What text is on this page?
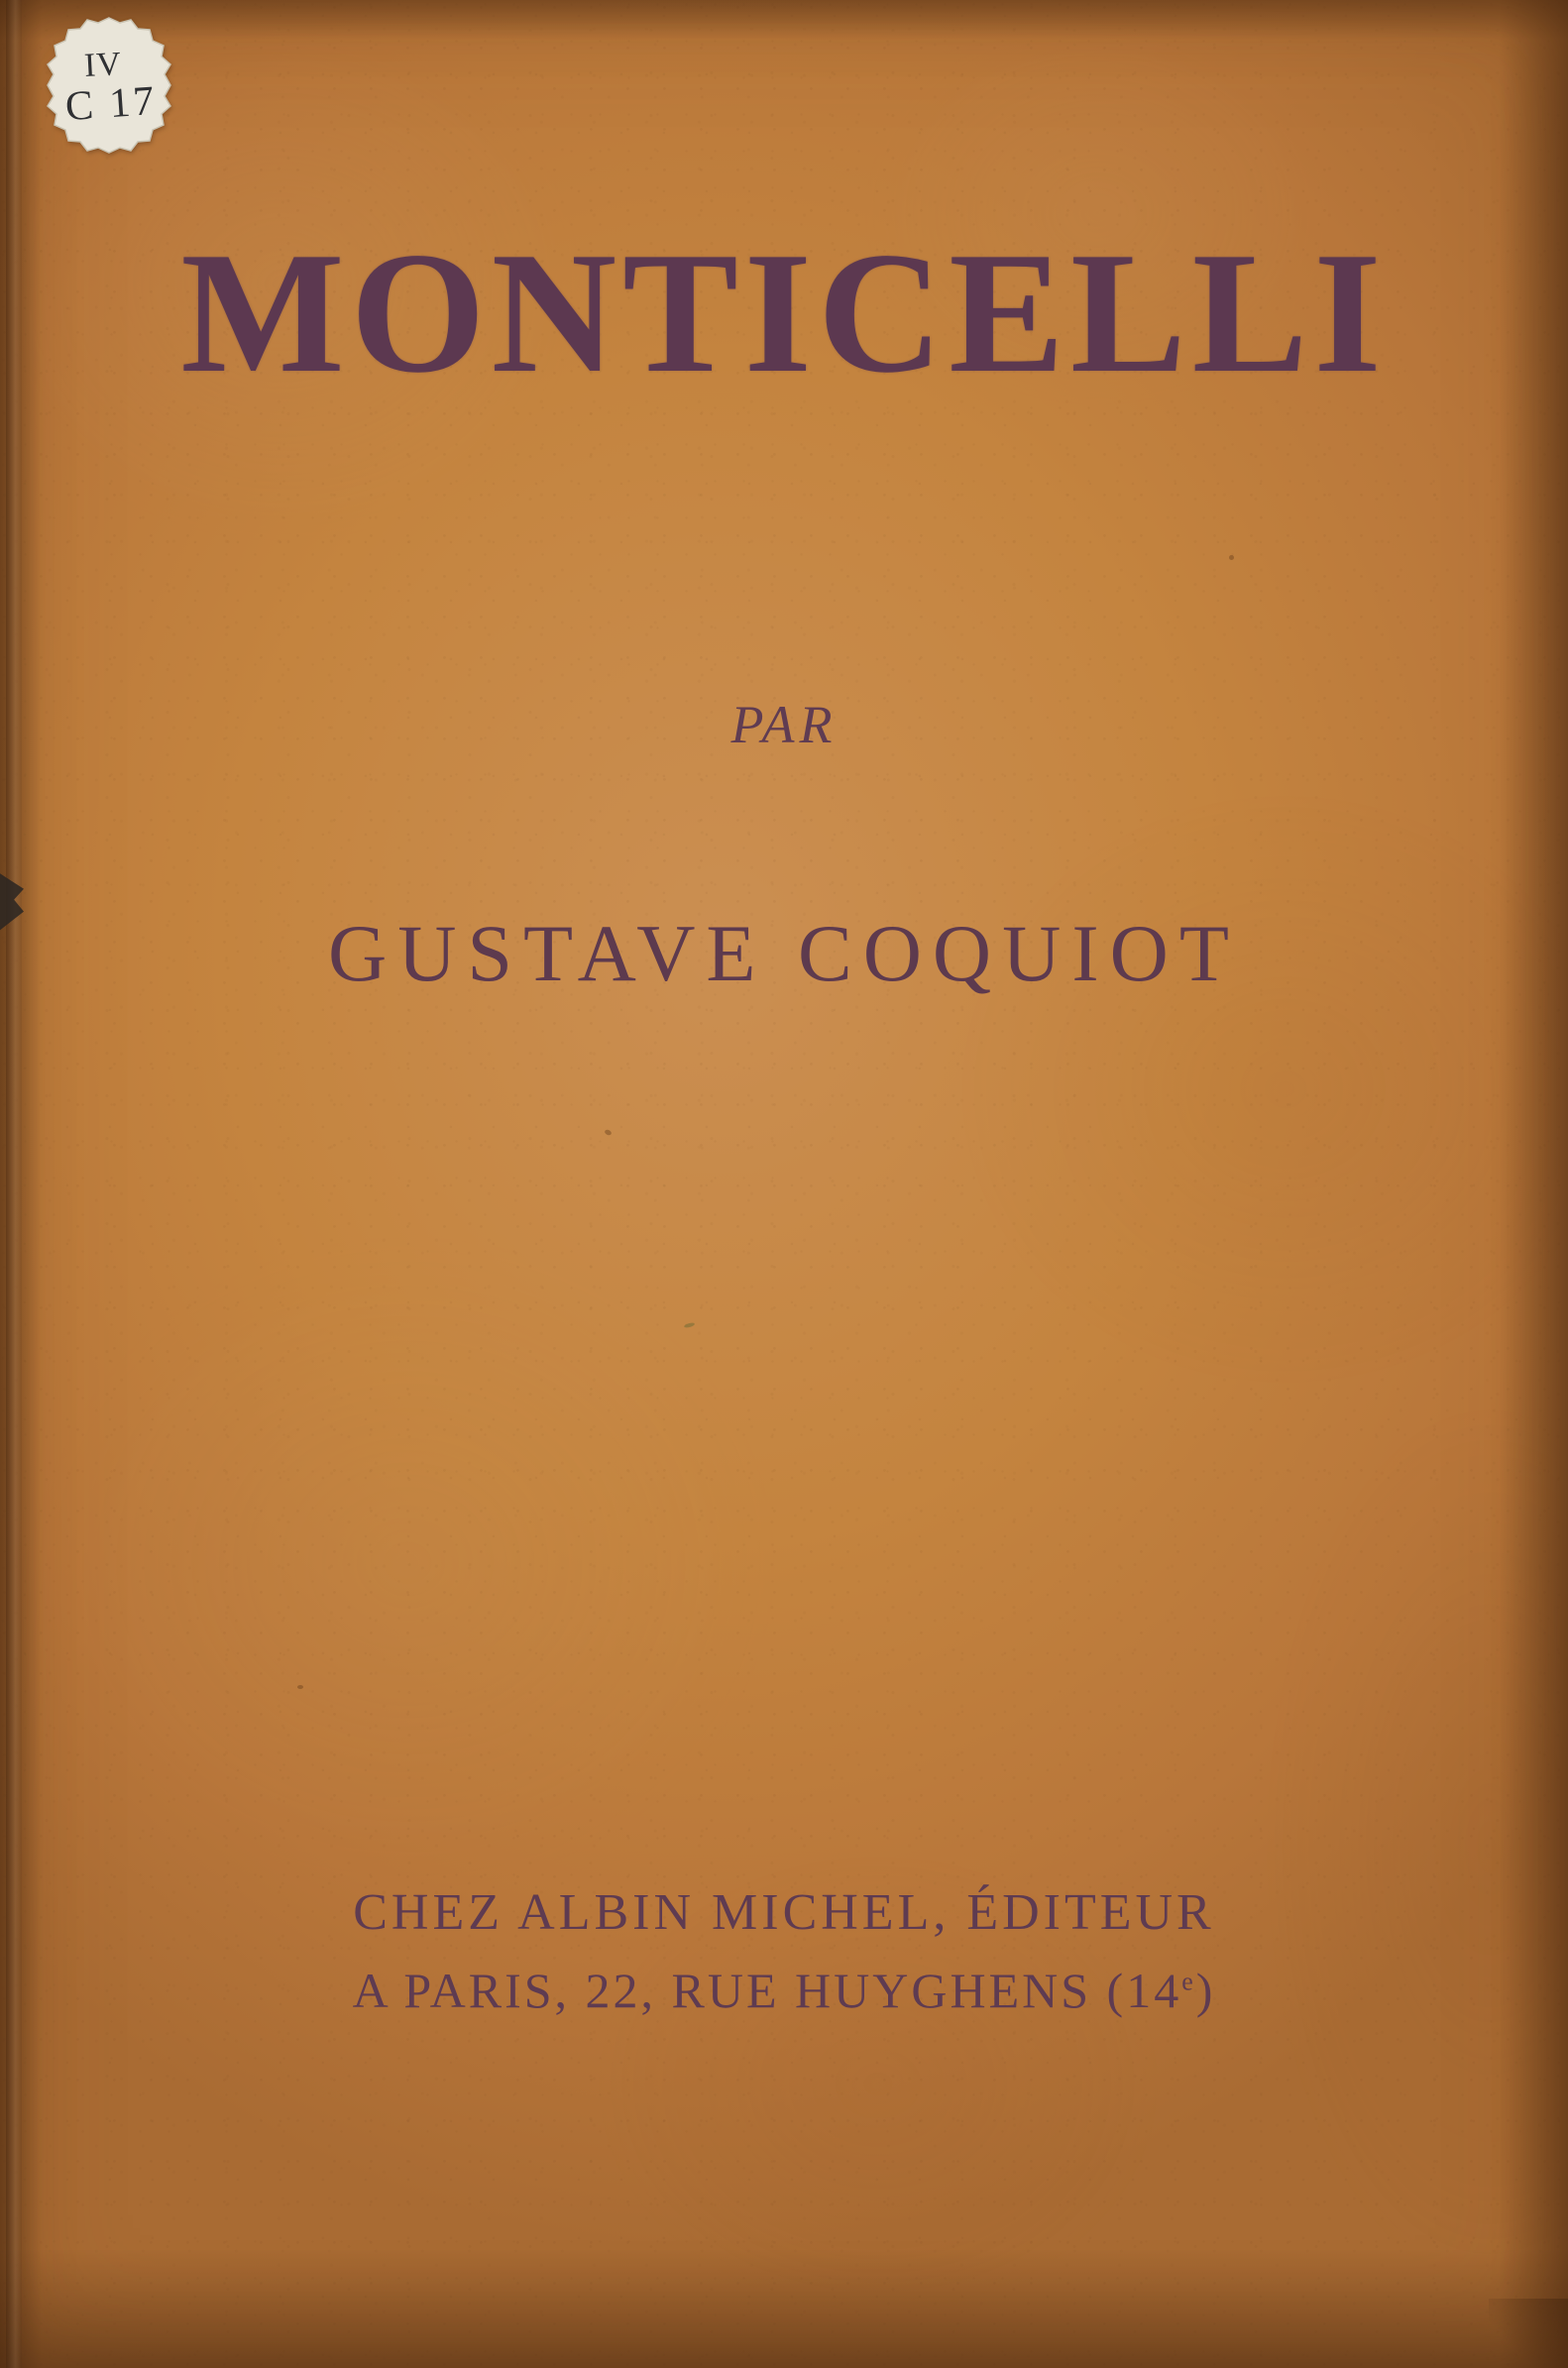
IV
C 17
MONTICELLI
PAR
GUSTAVE COQUIOT
CHEZ ALBIN MICHEL, ÉDITEUR
A PARIS, 22, RUE HUYGHENS (14e)
